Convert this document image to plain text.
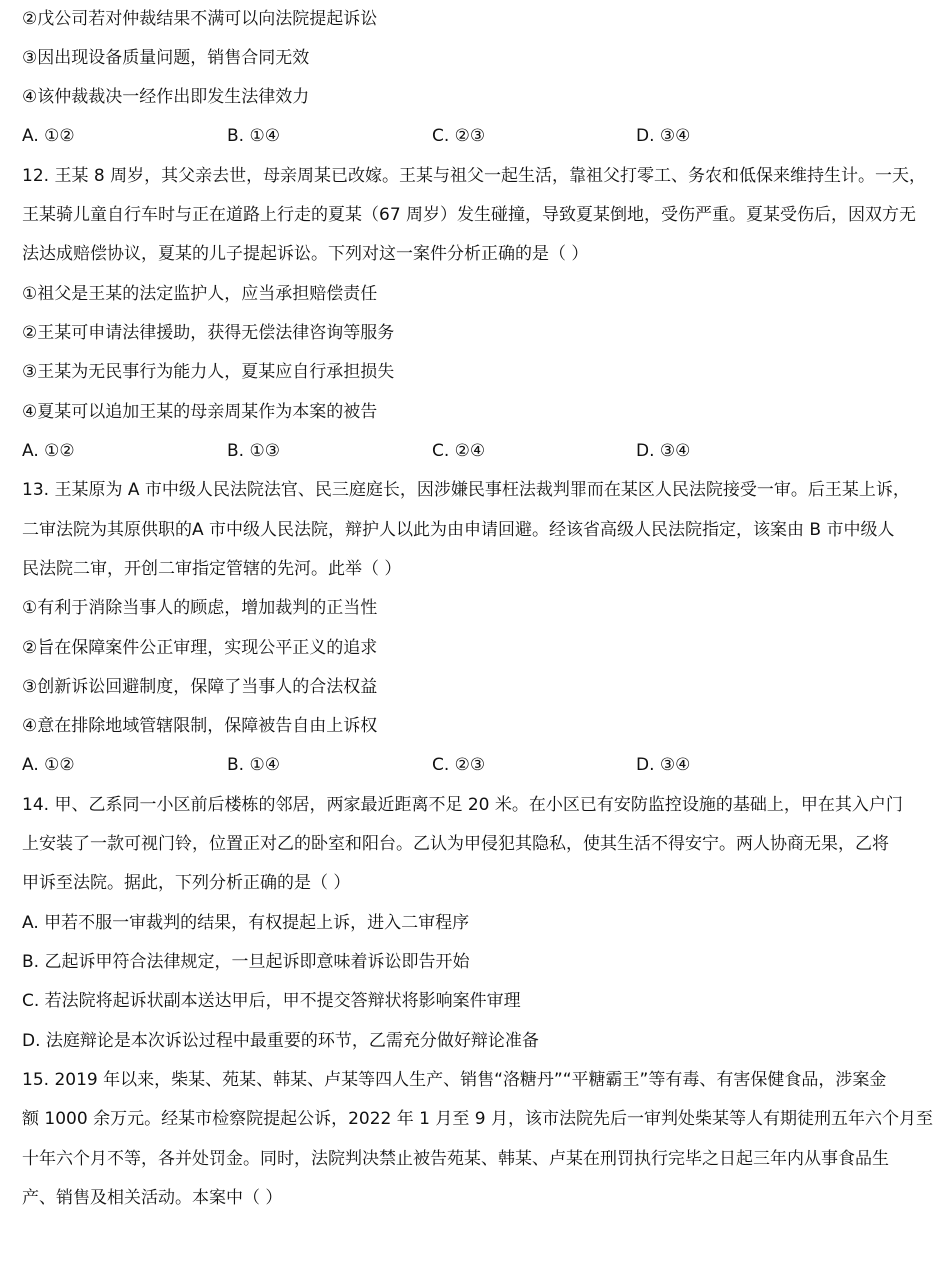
②戊公司若对仲裁结果不满可以向法院提起诉讼
③因出现设备质量问题，销售合同无效
④该仲裁裁决一经作出即发生法律效力
A. ①②	B. ①④	C. ②③	D. ③④
12. 王某 8 周岁，其父亲去世，母亲周某已改嫁。王某与祖父一起生活，靠祖父打零工、务农和低保来维持生计。一天，
王某骑儿童自行车时与正在道路上行走的夏某（67 周岁）发生碰撞，导致夏某倒地，受伤严重。夏某受伤后，因双方无
法达成赔偿协议，夏某的儿子提起诉讼。下列对这一案件分析正确的是（ ）
①祖父是王某的法定监护人，应当承担赔偿责任
②王某可申请法律援助，获得无偿法律咨询等服务
③王某为无民事行为能力人，夏某应自行承担损失
④夏某可以追加王某的母亲周某作为本案的被告
A. ①②	B. ①③	C. ②④	D. ③④
13. 王某原为 A 市中级人民法院法官、民三庭庭长，因涉嫌民事枉法裁判罪而在某区人民法院接受一审。后王某上诉，
二审法院为其原供职的A 市中级人民法院，辩护人以此为由申请回避。经该省高级人民法院指定，该案由 B 市中级人
民法院二审，开创二审指定管辖的先河。此举（ ）
①有利于消除当事人的顾虑，增加裁判的正当性
②旨在保障案件公正审理，实现公平正义的追求
③创新诉讼回避制度，保障了当事人的合法权益
④意在排除地域管辖限制，保障被告自由上诉权
A. ①②	B. ①④	C. ②③	D. ③④
14. 甲、乙系同一小区前后楼栋的邻居，两家最近距离不足 20 米。在小区已有安防监控设施的基础上，甲在其入户门
上安装了一款可视门铃，位置正对乙的卧室和阳台。乙认为甲侵犯其隐私，使其生活不得安宁。两人协商无果，乙将
甲诉至法院。据此，下列分析正确的是（ ）
A. 甲若不服一审裁判的结果，有权提起上诉，进入二审程序
B. 乙起诉甲符合法律规定，一旦起诉即意味着诉讼即告开始
C. 若法院将起诉状副本送达甲后，甲不提交答辩状将影响案件审理
D. 法庭辩论是本次诉讼过程中最重要的环节，乙需充分做好辩论准备
15. 2019 年以来，柴某、苑某、韩某、卢某等四人生产、销售“洛糖丹”“平糖霸王”等有毒、有害保健食品，涉案金
额 1000 余万元。经某市检察院提起公诉，2022 年 1 月至 9 月，该市法院先后一审判处柴某等人有期徒刑五年六个月至
十年六个月不等，各并处罚金。同时，法院判决禁止被告苑某、韩某、卢某在刑罚执行完毕之日起三年内从事食品生
产、销售及相关活动。本案中（ ）
